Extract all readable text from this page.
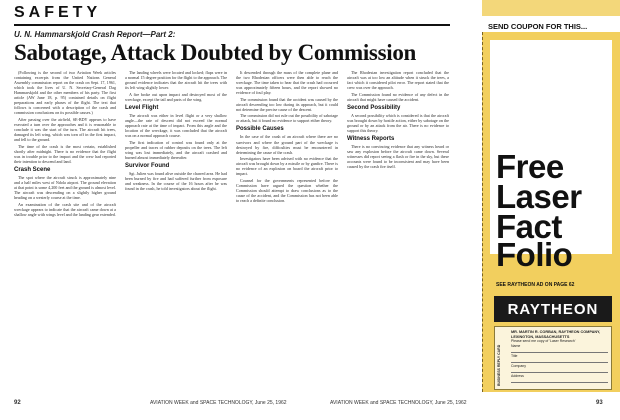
SAFETY
U. N. Hammarskjold Crash Report—Part 2:
Sabotage, Attack Doubted by Commission

(Following is the second of two Aviation Week articles containing excerpts from the United Nations General Assembly commission report on the crash on Sept. 17, 1961, which took the lives of U. N. Secretary-General Dag Hammarskjold and the other members of his party. The first article (AW June 18, p. 95) contained details on flight preparations and early phases of the flight. The text that follows is concerned with a description of the crash and commission conclusions on its possible causes.)

After passing over the airfield, SE-BDY appears to have executed a turn over the approaches and it is reasonable to conclude it was the start of the turn. The aircraft hit trees, damaged its left wing, which was torn off in the first impact, and fell to the ground.

The time of the crash is the most certain, established shortly after midnight. There is no evidence that the flight was in trouble prior to the impact and the crew had reported their intention to descend and land.

Crash Scene

The spot where the aircraft struck is approximately nine and a half miles west of Ndola airport. The ground elevation at that point is some 4,200 feet and the ground is almost level. The aircraft was descending on a slightly higher ground heading on a westerly course at the time.

An examination of the crash site and of the aircraft wreckage appears to indicate that the aircraft came down at a shallow angle with wings level and the landing gear extended.

The landing wheels were located and locked; flaps were in a normal 15 degree position for the flight to the approach. The ground evidence indicates that the aircraft hit the trees with its left wing slightly lower.

A fire broke out upon impact and destroyed most of the wreckage, except the tail and parts of the wing.

Level Flight

The aircraft was either in level flight or a very shallow angle—the rate of descent did not exceed the normal approach rate at the time of impact. From this angle and the location of the wreckage, it was concluded that the aircraft was on a normal approach course.

The first indication of control was found only at the propeller and traces of rubber deposits on the trees. The left wing was lost immediately, and the aircraft crashed and burned almost immediately thereafter.

Survivor Found

Sgt. Julien was found alive outside the charred area. He had been burned by fire and had suffered further from exposure and weakness. In the course of the 16 hours after he was found in the crash, he told investigators about the flight.

It descended through the mass of the complete plane and the two Rhodesian officers were then able to reach the wreckage. The time taken to hear that the crash had occurred was approximately fifteen hours, and the report showed no evidence of foul play.

The commission found that the accident was caused by the aircraft descending too low during its approach, but it could not determine the precise cause of the descent.

The commission did not rule out the possibility of sabotage or attack, but it found no evidence to support either theory.

Possible Causes

In the case of the crash of an aircraft where there are no survivors and where the ground part of the wreckage is destroyed by fire, difficulties must be encountered in determining the cause of the crash.

Investigators have been advised with no evidence that the aircraft was brought down by a missile or by gunfire. There is no evidence of an explosion on board the aircraft prior to impact.

Counsel for the governments represented before the Commission have argued the question whether the Commission should attempt to draw conclusions as to the cause of the accident, and the Commission has not been able to reach a definite conclusion.

The Rhodesian investigation report concluded that the aircraft was at too low an altitude when it struck the trees, a fact which it considered pilot error. The report stated that the crew was over the approach.

The Commission found no evidence of any defect in the aircraft that might have caused the accident.

Second Possibility

A second possibility which is considered is that the aircraft was brought down by hostile action, either by sabotage on the ground or by an attack from the air. There is no evidence to support this theory.

Witness Reports

There is no convincing evidence that any witness heard or saw any explosion before the aircraft came down. Several witnesses did report seeing a flash or fire in the sky, but these accounts were found to be inconsistent and may have been caused by the crash fire itself.

92	AVIATION WEEK and SPACE TECHNOLOGY, June 25, 1962	AVIATION WEEK and SPACE TECHNOLOGY, June 25, 1962	93
SEND COUPON FOR THIS...
Free
Laser
Fact
Folio
SEE RAYTHEON AD ON PAGE 62
RAYTHEON
BUSINESS REPLY CARD
MR. MARTIN R. CORBAN, RAYTHEON COMPANY, LEXINGTON, MASSACHUSETTS
Please send me copy of 'Laser Research'
Name
Title
Company
Address
